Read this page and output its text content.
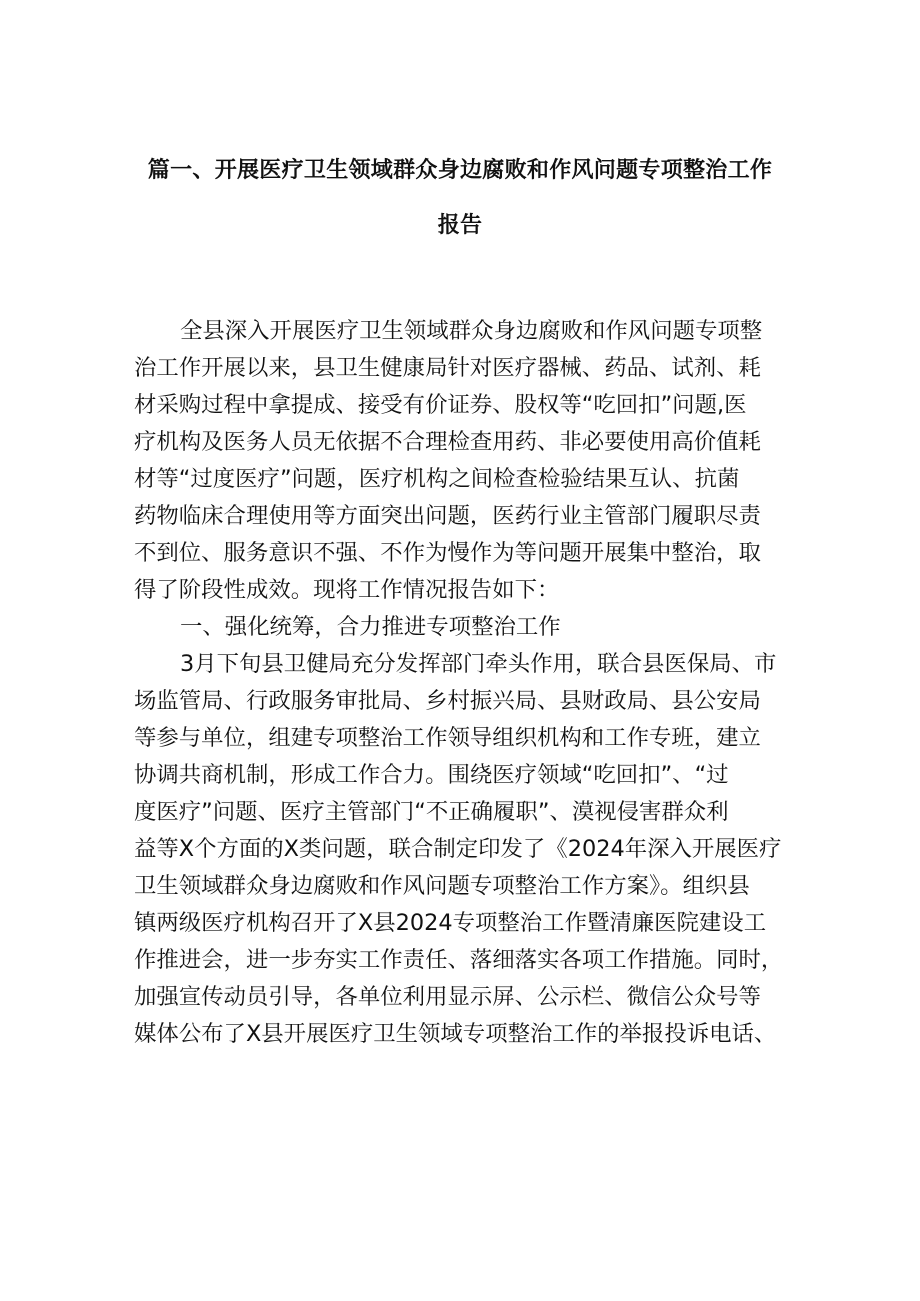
篇一、开展医疗卫生领域群众身边腐败和作风问题专项整治工作
报告
全县深入开展医疗卫生领域群众身边腐败和作风问题专项整
治工作开展以来，县卫生健康局针对医疗器械、药品、试剂、耗
材采购过程中拿提成、接受有价证券、股权等“吃回扣”问题,医
疗机构及医务人员无依据不合理检查用药、非必要使用高价值耗
材等“过度医疗”问题，医疗机构之间检查检验结果互认、抗菌
药物临床合理使用等方面突出问题，医药行业主管部门履职尽责
不到位、服务意识不强、不作为慢作为等问题开展集中整治，取
得了阶段性成效。现将工作情况报告如下：
一、强化统筹，合力推进专项整治工作
3月下旬县卫健局充分发挥部门牵头作用，联合县医保局、市
场监管局、行政服务审批局、乡村振兴局、县财政局、县公安局
等参与单位，组建专项整治工作领导组织机构和工作专班，建立
协调共商机制，形成工作合力。围绕医疗领域“吃回扣”、“过
度医疗”问题、医疗主管部门“不正确履职”、漠视侵害群众利
益等X个方面的X类问题，联合制定印发了《2024年深入开展医疗
卫生领域群众身边腐败和作风问题专项整治工作方案》。组织县
镇两级医疗机构召开了X县2024专项整治工作暨清廉医院建设工
作推进会，进一步夯实工作责任、落细落实各项工作措施。同时，
加强宣传动员引导，各单位利用显示屏、公示栏、微信公众号等
媒体公布了X县开展医疗卫生领域专项整治工作的举报投诉电话、
